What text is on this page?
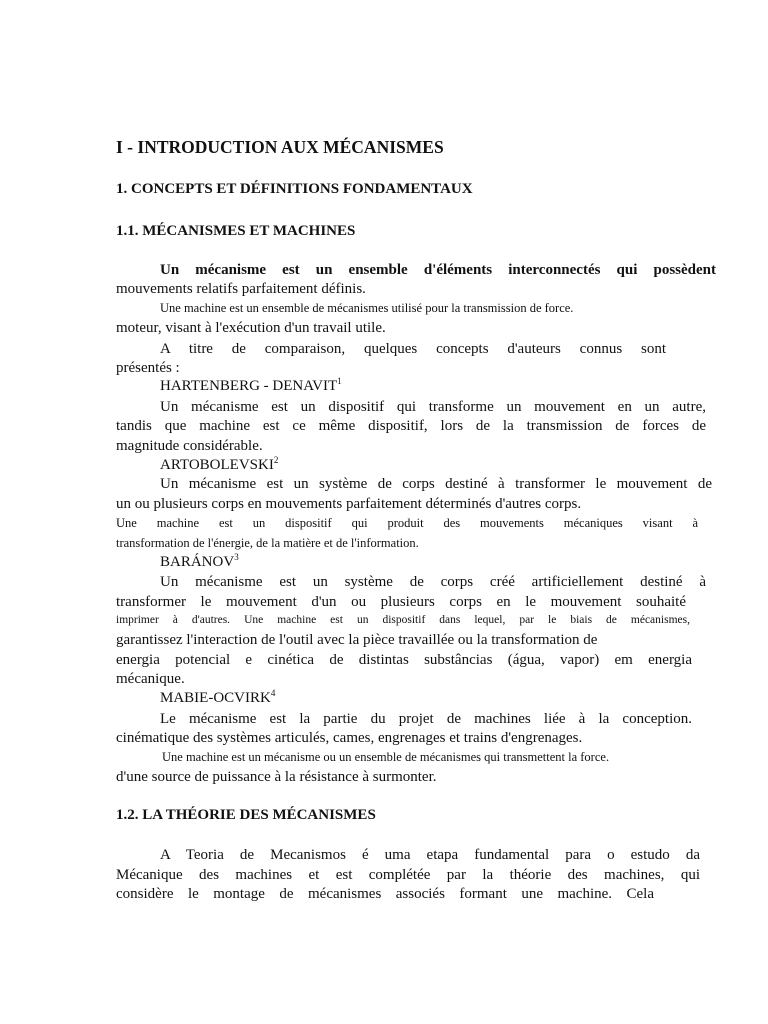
I - INTRODUCTION AUX MÉCANISMES
1. CONCEPTS ET DÉFINITIONS FONDAMENTAUX
1.1. MÉCANISMES ET MACHINES

Un mécanisme est un ensemble d'éléments interconnectés qui possèdent

mouvements relatifs parfaitement définis.

Une machine est un ensemble de mécanismes utilisé pour la transmission de force.

moteur, visant à l'exécution d'un travail utile.

A titre de comparaison, quelques concepts d'auteurs connus sont

présentés :

HARTENBERG - DENAVIT$^1$

Un mécanisme est un dispositif qui transforme un mouvement en un autre,

tandis que machine est ce même dispositif, lors de la transmission de forces de

magnitude considérable.

ARTOBOLEVSKI$^2$

Un mécanisme est un système de corps destiné à transformer le mouvement de

un ou plusieurs corps en mouvements parfaitement déterminés d'autres corps.

Une machine est un dispositif qui produit des mouvements mécaniques visant à

transformation de l'énergie, de la matière et de l'information.

BARÁNOV$^3$

Un mécanisme est un système de corps créé artificiellement destiné à

transformer le mouvement d'un ou plusieurs corps en le mouvement souhaité

imprimer à d'autres. Une machine est un dispositif dans lequel, par le biais de mécanismes,

garantissez l'interaction de l'outil avec la pièce travaillée ou la transformation de

energia potencial e cinética de distintas substâncias (água, vapor) em energia

mécanique.

MABIE-OCVIRK$^4$

Le mécanisme est la partie du projet de machines liée à la conception.

cinématique des systèmes articulés, cames, engrenages et trains d'engrenages.

Une machine est un mécanisme ou un ensemble de mécanismes qui transmettent la force.

d'une source de puissance à la résistance à surmonter.

1.2. LA THÉORIE DES MÉCANISMES

A Teoria de Mecanismos é uma etapa fundamental para o estudo da

Mécanique des machines et est complétée par la théorie des machines, qui

considère le montage de mécanismes associés formant une machine. Cela
